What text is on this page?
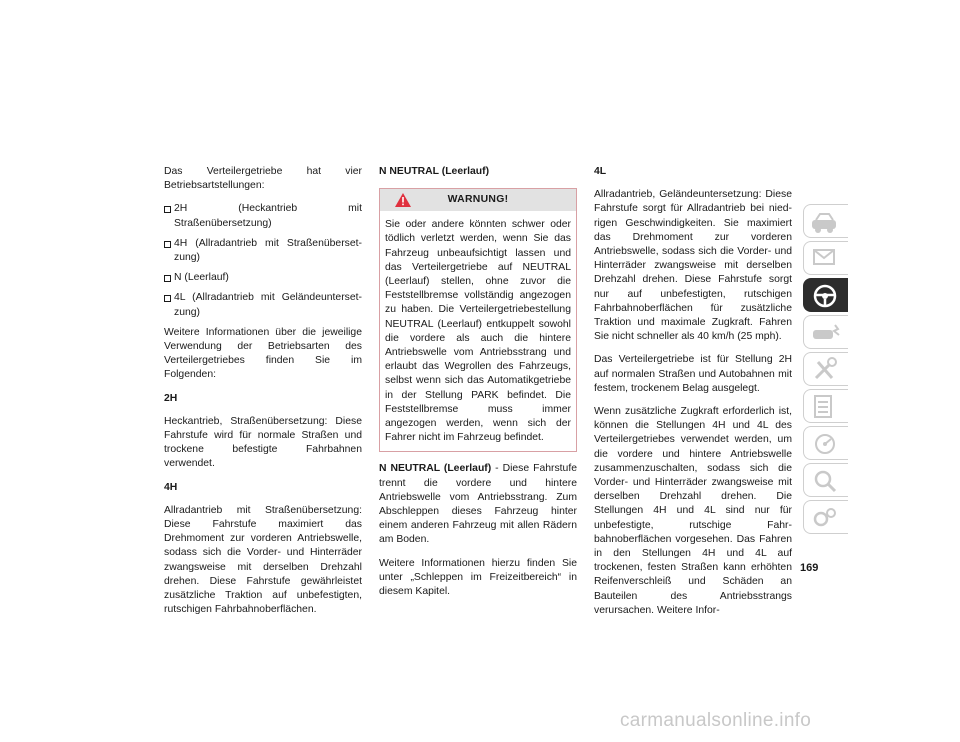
Das Verteilergetriebe hat vier Betriebsartstellungen:

2H (Heckantrieb mit Straßenübersetzung)
4H (Allradantrieb mit Straßenübersetzung)
N (Leerlauf)
4L (Allradantrieb mit Geländeuntersetzung)

Weitere Informationen über die jeweilige Verwendung der Betriebsarten des Verteilergetriebes finden Sie im Folgenden:

2H

Heckantrieb, Straßenübersetzung: Diese Fahrstufe wird für normale Straßen und trockene befestigte Fahrbahnen verwendet.

4H

Allradantrieb mit Straßenübersetzung: Diese Fahrstufe maximiert das Drehmoment zur vorderen Antriebswelle, sodass sich die Vorder- und Hinterräder zwangsweise mit derselben Drehzahl drehen. Diese Fahrstufe gewährleistet zusätzliche Traktion auf unbefestigten, rutschigen Fahrbahnoberflächen.

N NEUTRAL (Leerlauf)
WARNUNG!
Sie oder andere könnten schwer oder tödlich verletzt werden, wenn Sie das Fahrzeug unbeaufsichtigt lassen und das Verteilergetriebe auf NEUTRAL (Leerlauf) stellen, ohne zuvor die Feststellbremse vollständig angezogen zu haben. Die Verteilergetriebestellung NEUTRAL (Leerlauf) entkuppelt sowohl die vordere als auch die hintere Antriebswelle vom Antriebsstrang und erlaubt das Wegrollen des Fahrzeugs, selbst wenn sich das Automatikgetriebe in der Stellung PARK befindet. Die Feststellbremse muss immer angezogen werden, wenn sich der Fahrer nicht im Fahrzeug befindet.

N NEUTRAL (Leerlauf) - Diese Fahrstufe trennt die vordere und hintere Antriebswelle vom Antriebsstrang. Zum Abschleppen dieses Fahrzeug hinter einem anderen Fahrzeug mit allen Rädern am Boden.

Weitere Informationen hierzu finden Sie unter „Schleppen im Freizeitbereich“ in diesem Kapitel.

4L

Allradantrieb, Geländeuntersetzung: Diese Fahrstufe sorgt für Allradantrieb bei niedrigen Geschwindigkeiten. Sie maximiert das Drehmoment zur vorderen Antriebswelle, sodass sich die Vorder- und Hinterräder zwangsweise mit derselben Drehzahl drehen. Diese Fahrstufe sorgt nur auf unbefestigten, rutschigen Fahrbahnoberflächen für zusätzliche Traktion und maximale Zugkraft. Fahren Sie nicht schneller als 40 km/h (25 mph).

Das Verteilergetriebe ist für Stellung 2H auf normalen Straßen und Autobahnen mit festem, trockenem Belag ausgelegt.

Wenn zusätzliche Zugkraft erforderlich ist, können die Stellungen 4H und 4L des Verteilergetriebes verwendet werden, um die vordere und hintere Antriebswelle zusammenzuschalten, sodass sich die Vorder- und Hinterräder zwangsweise mit derselben Drehzahl drehen. Die Stellungen 4H und 4L sind nur für unbefestigte, rutschige Fahrbahnoberflächen vorgesehen. Das Fahren in den Stellungen 4H und 4L auf trockenen, festen Straßen kann erhöhten Reifenverschleiß und Schäden an Bauteilen des Antriebsstrangs verursachen. Weitere Infor-

169
carmanualsonline.info
